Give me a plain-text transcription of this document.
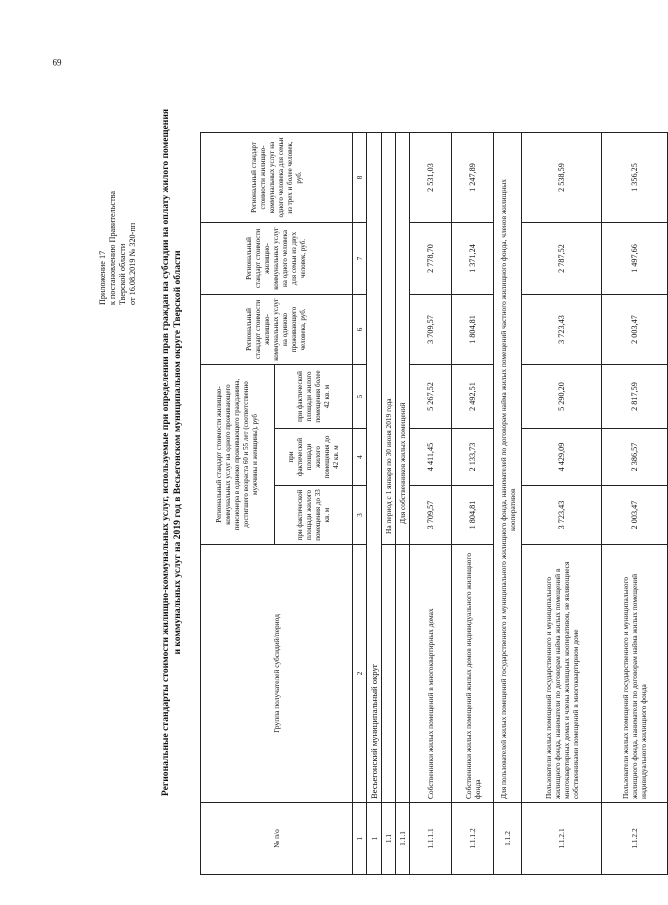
69
Приложение 17 к постановлению Правительства Тверской области от 16.08.2019 № 320-пп Региональные стандарты стоимости жилищно-коммунальных услуг, используемые при определении прав граждан на субсидии на оплату жилого помещения и коммунальных услуг на 2019 год в Весьегонском муниципальном округе Тверской области
№ п/о	Группа получателей субсидий/период	Региональный стандарт стоимости жилищно-коммунальных услуг на одного проживающего пенсионера в одиноко проживающего гражданина, достигшего возраста 60 и 55 лет (соответственно мужчины и женщины), руб			Региональный стандарт стоимости жилищно-коммунальных услуг на одиноко проживающего человека, руб.	Региональный стандарт стоимости жилищно-коммунальных услуг на одного человека для семьи из двух человек, руб.	Региональный стандарт стоимости жилищно-коммунальных услуг на одного человека для семьи из трех и более человек, руб.
		при фактической площади жилого помещения до 33 кв. м	при фактической площади жилого помещения до 42 кв. м	при фактической площади жилого помещения более 42 кв. м			
1	2	3	4	5	6	7	8
1	Весьегонский муниципальный округ						
1.1		На период с 1 января по 30 июня 2019 года					
1.1.1		Для собственников жилых помещений					
1.1.1.1	Собственники жилых помещений в многоквартирных домах	3 709,57	4 411,45	5 267,52	3 709,57	2 778,70	2 531,03
1.1.1.2	Собственники жилых помещений жилых домов индивидуального жилищного фонда	1 804,81	2 133,73	2 492,51	1 804,81	1 371,24	1 247,89
1.1.2	Для пользователей жилых помещений государственного и муниципального жилищного фонда, нанимателей по договорам найма жилых помещений частного жилищного фонда, членов жилищных кооперативов						

1.1.2.1	Пользователи жилых помещений государственного и муниципального жилищного фонда, наниматели по договорам найма жилых помещений в многоквартирных домах и члены жилищных кооперативов, не являющиеся собственниками помещений в многоквартирном доме	3 723,43	4 429,09	5 290,20	3 723,43	2 787,52	2 538,59
1.1.2.2	Пользователи жилых помещений государственного и муниципального жилищного фонда, наниматели по договорам найма жилых помещений индивидуального жилищного фонда	2 003,47	2 386,57	2 817,59	2 003,47	1 497,66	1 356,25
